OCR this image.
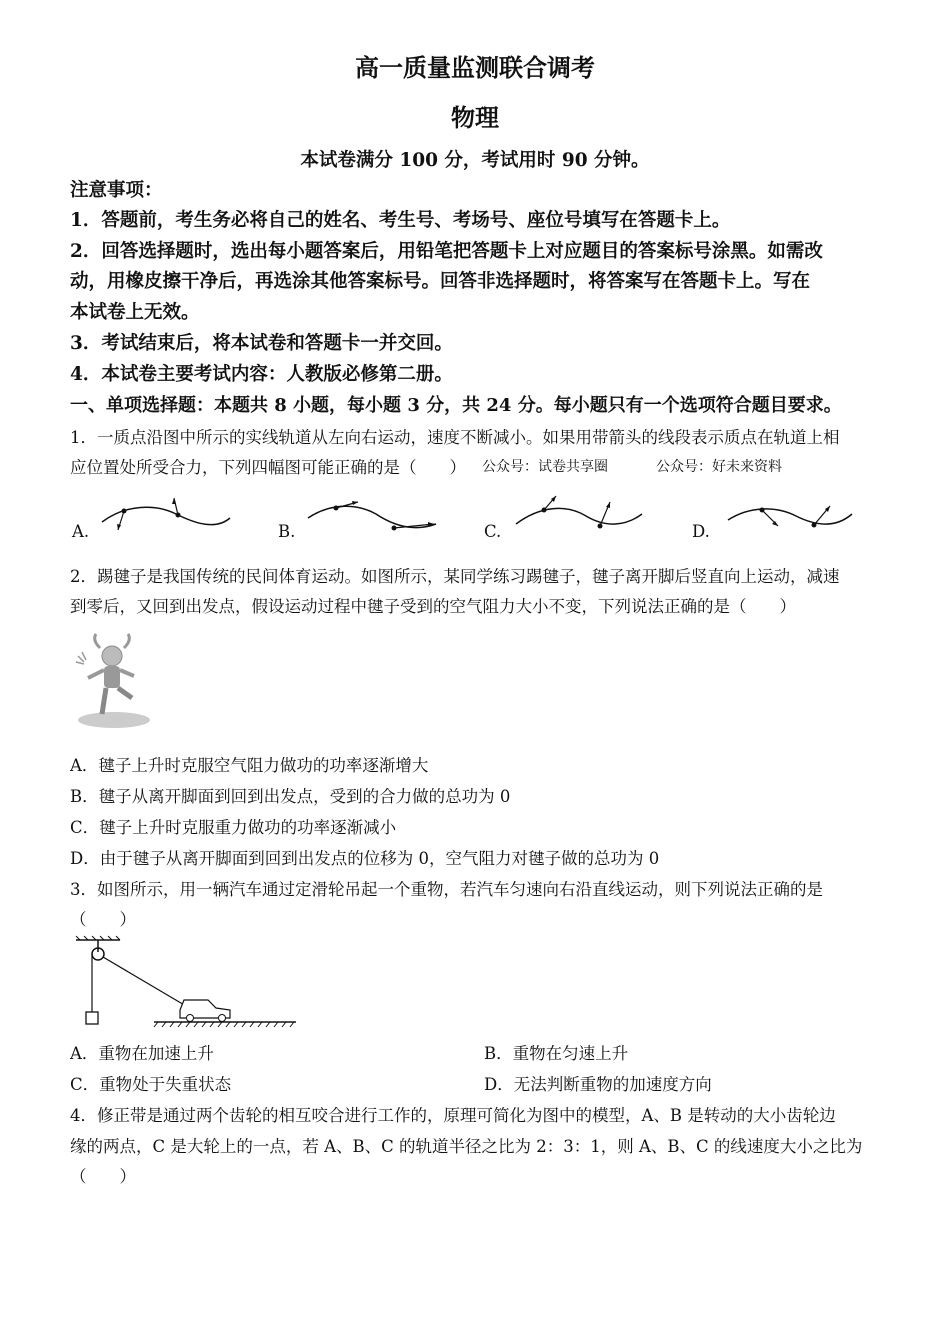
高一质量监测联合调考
物理
本试卷满分 100 分，考试用时 90 分钟。
注意事项：
1．答题前，考生务必将自己的姓名、考生号、考场号、座位号填写在答题卡上。
2．回答选择题时，选出每小题答案后，用铅笔把答题卡上对应题目的答案标号涂黑。如需改
动，用橡皮擦干净后，再选涂其他答案标号。回答非选择题时，将答案写在答题卡上。写在
本试卷上无效。
3．考试结束后，将本试卷和答题卡一并交回。
4．本试卷主要考试内容：人教版必修第二册。
一、单项选择题：本题共 8 小题，每小题 3 分，共 24 分。每小题只有一个选项符合题目要求。
1．一质点沿图中所示的实线轨道从左向右运动，速度不断减小。如果用带箭头的线段表示质点在轨道上相
应位置处所受合力，下列四幅图可能正确的是（　　） 公众号：试卷共享圈	公众号：好未来资料
A.	B.	C.	D.
2．踢毽子是我国传统的民间体育运动。如图所示，某同学练习踢毽子，毽子离开脚后竖直向上运动，减速
到零后，又回到出发点，假设运动过程中毽子受到的空气阻力大小不变，下列说法正确的是（　　）
A．毽子上升时克服空气阻力做功的功率逐渐增大
B．毽子从离开脚面到回到出发点，受到的合力做的总功为 0
C．毽子上升时克服重力做功的功率逐渐减小
D．由于毽子从离开脚面到回到出发点的位移为 0，空气阻力对毽子做的总功为 0
3．如图所示，用一辆汽车通过定滑轮吊起一个重物，若汽车匀速向右沿直线运动，则下列说法正确的是
（　　）
A．重物在加速上升	B．重物在匀速上升
C．重物处于失重状态	D．无法判断重物的加速度方向
4．修正带是通过两个齿轮的相互咬合进行工作的，原理可简化为图中的模型，A、B 是转动的大小齿轮边
缘的两点，C 是大轮上的一点，若 A、B、C 的轨道半径之比为 2：3：1，则 A、B、C 的线速度大小之比为
（　　）
